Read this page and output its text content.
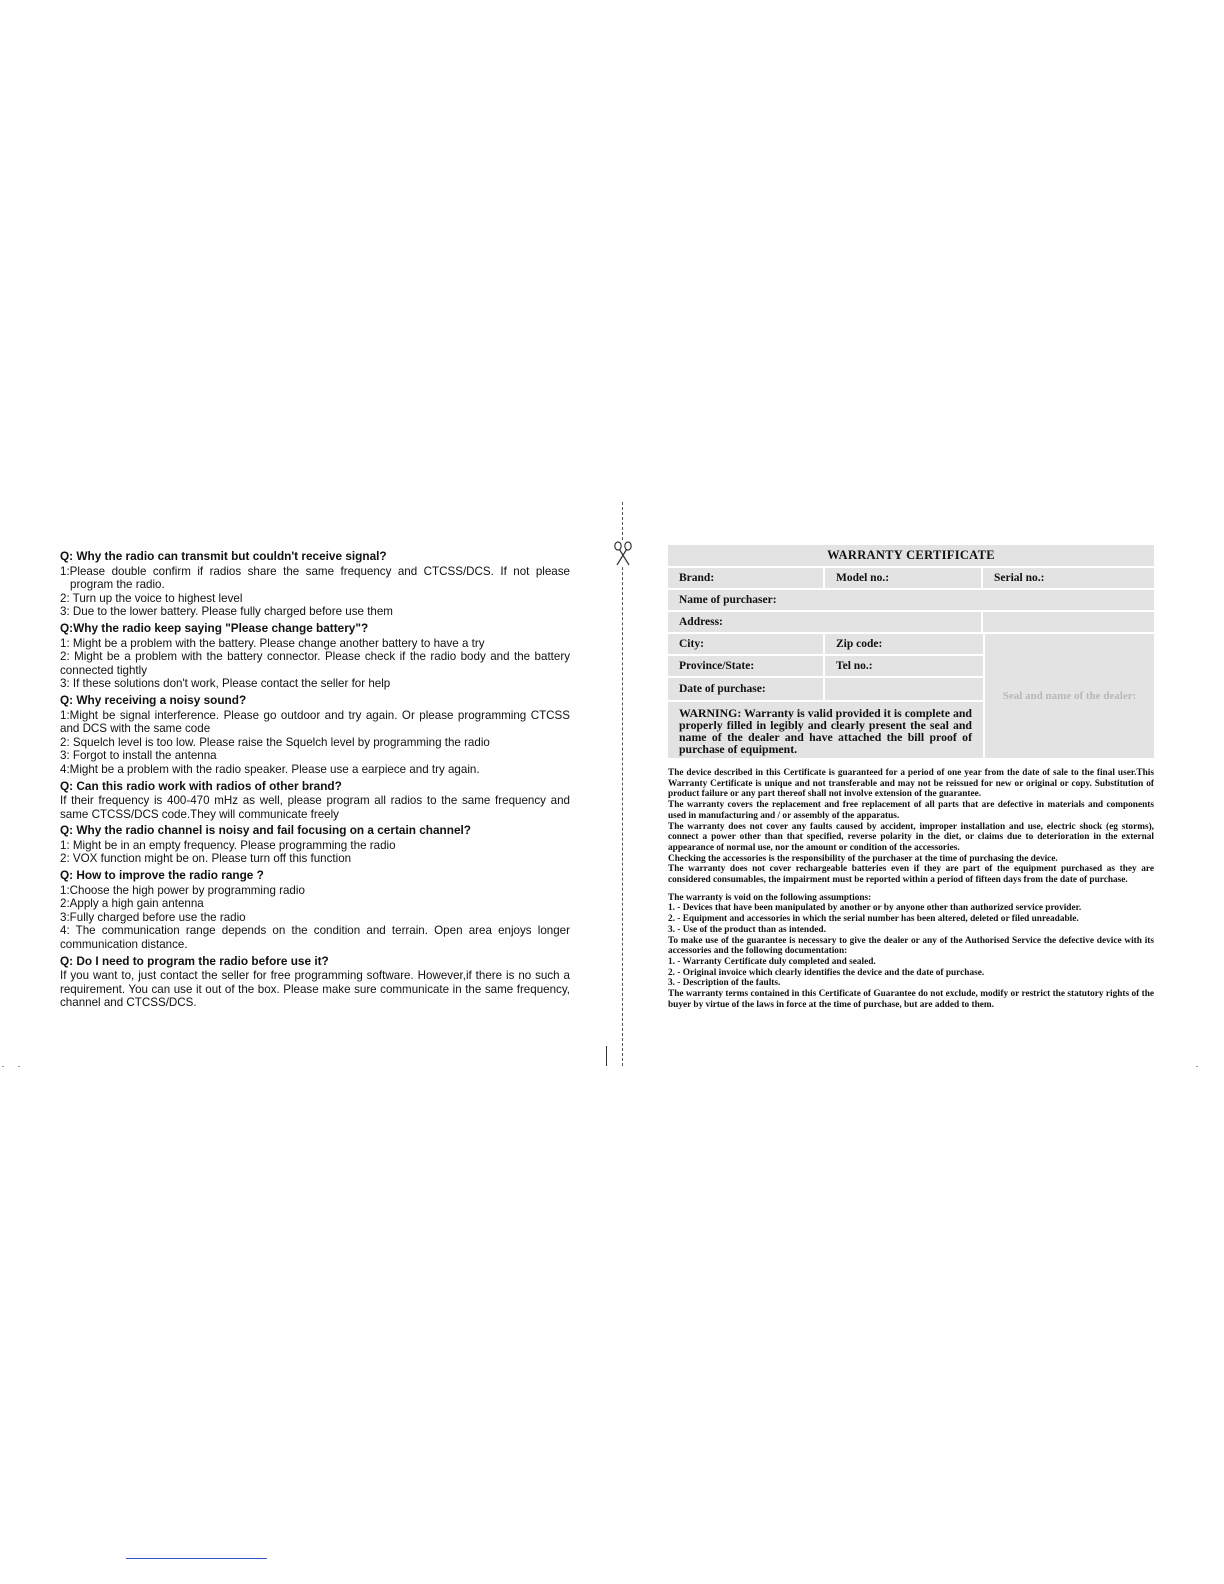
Q: Why the radio can transmit but couldn't receive signal?

1:Please double confirm if radios share the same frequency and CTCSS/DCS. If not please program the radio.

2: Turn up the voice to highest level

3: Due to the lower battery. Please fully charged before use them

Q:Why the radio keep saying "Please change battery"?

1: Might be a problem with the battery. Please change another battery to have a try

2: Might be a problem with the battery connector. Please check if the radio body and the battery connected tightly

3: If these solutions don't work, Please contact the seller for help

Q: Why receiving a noisy sound?

1:Might be signal interference. Please go outdoor and try again. Or please programming CTCSS and DCS with the same code

2: Squelch level is too low. Please raise the Squelch level by programming the radio

3: Forgot to install the antenna

4:Might be a problem with the radio speaker. Please use a earpiece and try again.

Q: Can this radio work with radios of other brand?

If their frequency is 400-470 mHz as well, please program all radios to the same frequency and same CTCSS/DCS code.They will communicate freely

Q: Why the radio channel is noisy and fail focusing on a certain channel?

1: Might be in an empty frequency. Please programming the radio

2: VOX function might be on. Please turn off this function

Q: How to improve the radio range ?

1:Choose the high power by programming radio

2:Apply a high gain antenna

3:Fully charged before use the radio

4: The communication range depends on the condition and terrain. Open area enjoys longer communication distance.

Q: Do I need to program the radio before use it?

If you want to, just contact the seller for free programming software. However,if there is no such a requirement. You can use it out of the box. Please make sure communicate in the same frequency, channel and CTCSS/DCS.

WARRANTY CERTIFICATE
Brand:	Model no.:	Serial no.:
Name of purchaser:
Address:
City:	Zip code:
Province/State:	Tel no.:
Date of purchase:
WARNING: Warranty is valid provided it is complete and properly filled in legibly and clearly present the seal and name of the dealer and have attached the bill proof of purchase of equipment.
Seal and name of the dealer:

The device described in this Certificate is guaranteed for a period of one year from the date of sale to the final user.This Warranty Certificate is unique and not transferable and may not be reissued for new or original or copy. Substitution of product failure or any part thereof shall not involve extension of the guarantee.

The warranty covers the replacement and free replacement of all parts that are defective in materials and components used in manufacturing and / or assembly of the apparatus.

The warranty does not cover any faults caused by accident, improper installation and use, electric shock (eg storms), connect a power other than that specified, reverse polarity in the diet, or claims due to deterioration in the external appearance of normal use, nor the amount or condition of the accessories.

Checking the accessories is the responsibility of the purchaser at the time of purchasing the device.

The warranty does not cover rechargeable batteries even if they are part of the equipment purchased as they are considered consumables, the impairment must be reported within a period of fifteen days from the date of purchase.

The warranty is void on the following assumptions:

1. - Devices that have been manipulated by another or by anyone other than authorized service provider.

2. - Equipment and accessories in which the serial number has been altered, deleted or filed unreadable.

3. - Use of the product than as intended.

To make use of the guarantee is necessary to give the dealer or any of the Authorised Service the defective device with its accessories and the following documentation:

1. - Warranty Certificate duly completed and sealed.

2. - Original invoice which clearly identifies the device and the date of purchase.

3. - Description of the faults.

The warranty terms contained in this Certificate of Guarantee do not exclude, modify or restrict the statutory rights of the buyer by virtue of the laws in force at the time of purchase, but are added to them.
